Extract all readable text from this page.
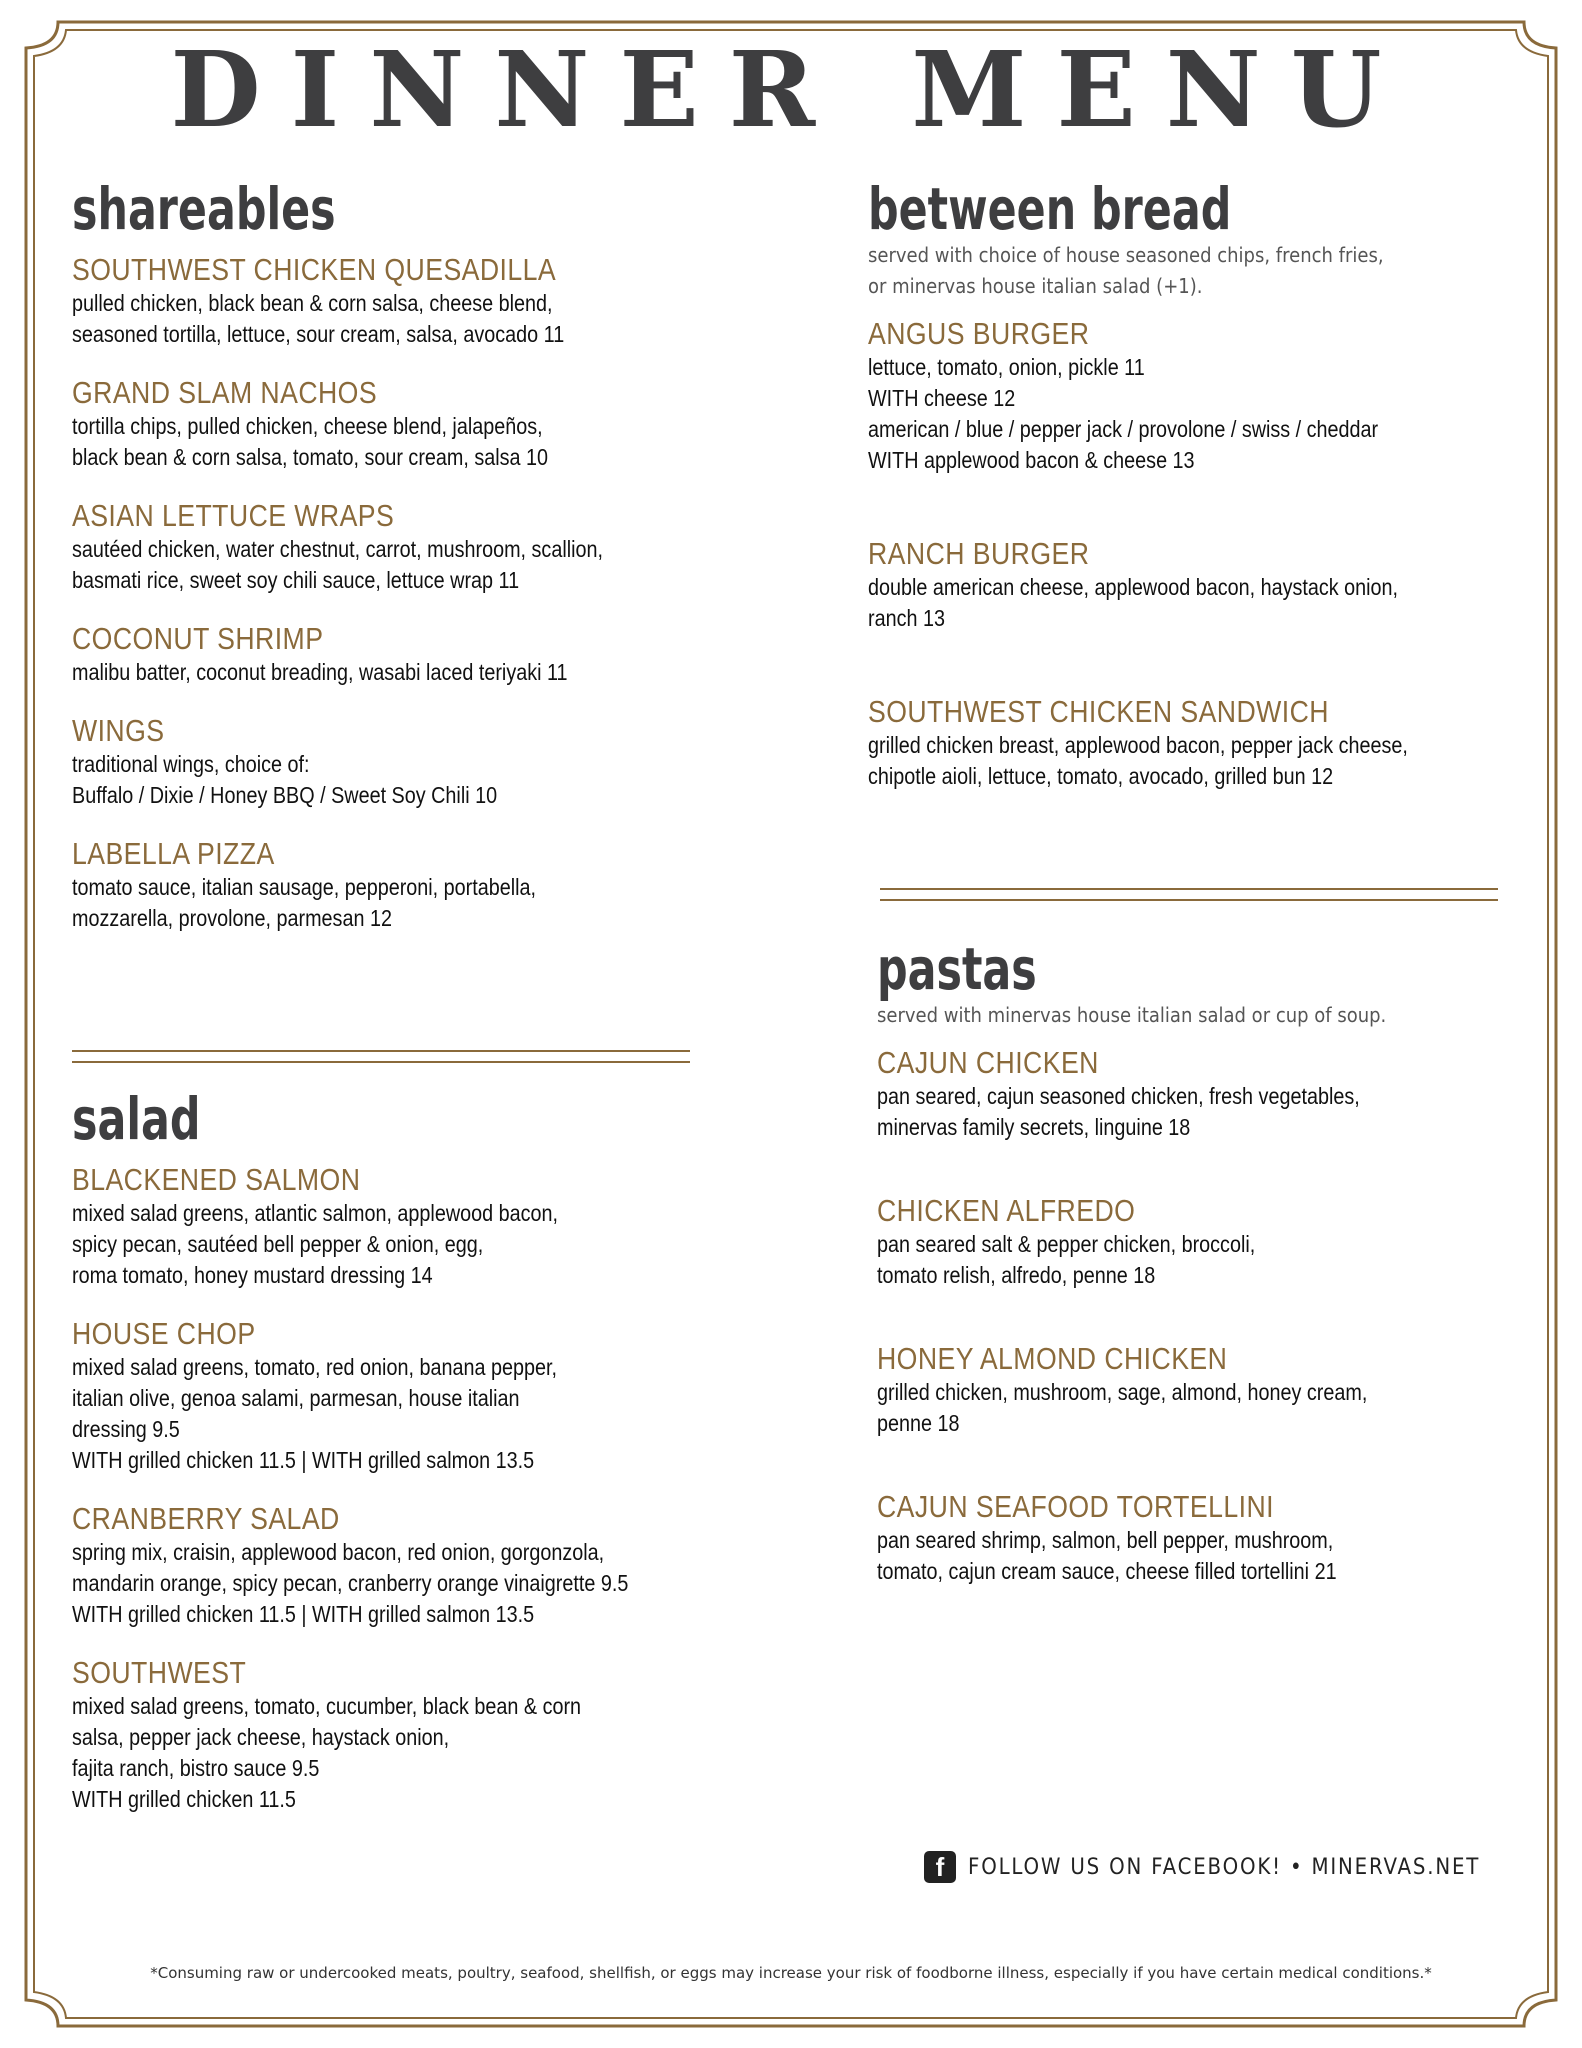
DINNER MENU
shareables
SOUTHWEST CHICKEN QUESADILLA
pulled chicken, black bean & corn salsa, cheese blend,
seasoned tortilla, lettuce, sour cream, salsa, avocado 11
GRAND SLAM NACHOS
tortilla chips, pulled chicken, cheese blend, jalapeños,
black bean & corn salsa, tomato, sour cream, salsa 10
ASIAN LETTUCE WRAPS
sautéed chicken, water chestnut, carrot, mushroom, scallion,
basmati rice, sweet soy chili sauce, lettuce wrap 11
COCONUT SHRIMP
malibu batter, coconut breading, wasabi laced teriyaki 11
WINGS
traditional wings, choice of:
Buffalo / Dixie / Honey BBQ / Sweet Soy Chili 10
LABELLA PIZZA
tomato sauce, italian sausage, pepperoni, portabella,
mozzarella, provolone, parmesan 12
salad
BLACKENED SALMON
mixed salad greens, atlantic salmon, applewood bacon,
spicy pecan, sautéed bell pepper & onion, egg,
roma tomato, honey mustard dressing 14
HOUSE CHOP
mixed salad greens, tomato, red onion, banana pepper,
italian olive, genoa salami, parmesan, house italian
dressing 9.5
WITH grilled chicken 11.5 | WITH grilled salmon 13.5
CRANBERRY SALAD
spring mix, craisin, applewood bacon, red onion, gorgonzola,
mandarin orange, spicy pecan, cranberry orange vinaigrette 9.5
WITH grilled chicken 11.5 | WITH grilled salmon 13.5
SOUTHWEST
mixed salad greens, tomato, cucumber, black bean & corn
salsa, pepper jack cheese, haystack onion,
fajita ranch, bistro sauce 9.5
WITH grilled chicken 11.5
between bread
served with choice of house seasoned chips, french fries,
or minervas house italian salad (+1).
ANGUS BURGER
lettuce, tomato, onion, pickle 11
WITH cheese 12
american / blue / pepper jack / provolone / swiss / cheddar
WITH applewood bacon & cheese 13
RANCH BURGER
double american cheese, applewood bacon, haystack onion,
ranch 13
SOUTHWEST CHICKEN SANDWICH
grilled chicken breast, applewood bacon, pepper jack cheese,
chipotle aioli, lettuce, tomato, avocado, grilled bun 12
pastas
served with minervas house italian salad or cup of soup.
CAJUN CHICKEN
pan seared, cajun seasoned chicken, fresh vegetables,
minervas family secrets, linguine 18
CHICKEN ALFREDO
pan seared salt & pepper chicken, broccoli,
tomato relish, alfredo, penne 18
HONEY ALMOND CHICKEN
grilled chicken, mushroom, sage, almond, honey cream,
penne 18
CAJUN SEAFOOD TORTELLINI
pan seared shrimp, salmon, bell pepper, mushroom,
tomato, cajun cream sauce, cheese filled tortellini 21
f	FOLLOW US ON FACEBOOK! • MINERVAS.NET
*Consuming raw or undercooked meats, poultry, seafood, shellfish, or eggs may increase your risk of foodborne illness, especially if you have certain medical conditions.*
